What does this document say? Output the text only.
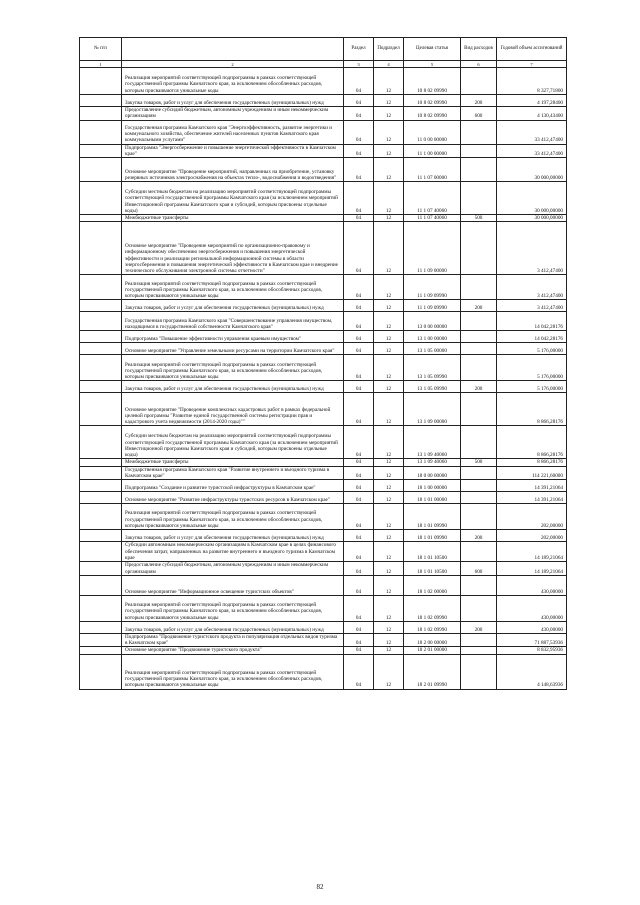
№ п/п		Раздел	Подраздел	Целевая статья	Вид расходов	Годовой объем ассигнований
1	2	3	4	5	6	7
	Реализация мероприятий соответствующей подпрограммы в рамках соответствующей государственной программы Камчатского края, за исключением обособленных расходов, которым присваиваются уникальные коды	04	12	10 8 02 09990		8 327,71800
	Закупка товаров, работ и услуг для обеспечения государственных (муниципальных) нужд	04	12	10 8 02 09990	200	4 197,28400
	Предоставление субсидий бюджетным, автономным учреждениям и иным некоммерческим организациям	04	12	10 8 02 09990	600	4 130,43400
	Государственная программа Камчатского края "Энергоэффективность, развитие энергетики и коммунального хозяйства, обеспечение жителей населенных пунктов Камчатского края коммунальными услугами"	04	12	11 0 00 00000		33 412,47400
	Подпрограмма "Энергосбережение и повышение энергетической эффективности в Камчатском крае"	04	12	11 1 00 00000		33 412,47400
	Основное мероприятие "Проведение мероприятий, направленных на приобретение, установку резервных источников электроснабжения на объектах тепло-, водоснабжения и водоотведения"	04	12	11 1 07 00000		30 000,00000
	Субсидии местным бюджетам на реализацию мероприятий соответствующей подпрограммы соответствующей государственной программы Камчатского края (за исключением мероприятий Инвестиционной программы Камчатского края и субсидий, которым присвоены отдельные коды)	04	12	11 1 07 40060		30 000,00000
	Межбюджетные трансферты	04	12	11 1 07 40060	500	30 000,00000
	Основное мероприятие "Проведение мероприятий по организационно-правовому и информационному обеспечению энергосбережения и повышения энергетической эффективности и реализации региональной информационной системы в области энергосбережения и повышения энергетической эффективности в Камчатском крае и внедрение технического обслуживания электронной системы отчетности"	04	12	11 1 09 00000		3 412,47400
	Реализация мероприятий соответствующей подпрограммы в рамках соответствующей государственной программы Камчатского края, за исключением обособленных расходов, которым присваиваются уникальные коды	04	12	11 1 09 09990		3 412,47400
	Закупка товаров, работ и услуг для обеспечения государственных (муниципальных) нужд	04	12	11 1 09 09990	200	3 412,47400
	Государственная программа Камчатского края "Совершенствование управления имуществом, находящимся в государственной собственности Камчатского края"	04	12	13 0 00 00000		14 042,28176
	Подпрограмма "Повышение эффективности управления краевым имуществом"	04	12	13 1 00 00000		14 042,28176
	Основное мероприятие "Управление земельными ресурсами на территории Камчатского края"	04	12	13 1 05 00000		5 176,00000
	Реализация мероприятий соответствующей подпрограммы в рамках соответствующей государственной программы Камчатского края, за исключением обособленных расходов, которым присваиваются уникальные коды	04	12	13 1 05 09990		5 176,00000
	Закупка товаров, работ и услуг для обеспечения государственных (муниципальных) нужд	04	12	13 1 05 09990	200	5 176,00000
	Основное мероприятие "Проведение комплексных кадастровых работ в рамках федеральной целевой программы "Развитие единой государственной системы регистрации прав и кадастрового учета недвижимости (2014-2020 годы)""	04	12	13 1 09 00000		8 866,28176
	Субсидии местным бюджетам на реализацию мероприятий соответствующей подпрограммы соответствующей государственной программы Камчатского края (за исключением мероприятий Инвестиционной программы Камчатского края и субсидий, которым присвоены отдельные коды)	04	12	13 1 09 40060		8 866,28176
	Межбюджетные трансферты	04	12	13 1 09 40060	500	8 866,28176
	Государственная программа Камчатского края "Развитие внутреннего и въездного туризма в Камчатском крае"	04	12	18 0 00 00000		114 221,60000
	Подпрограмма "Создание и развитие туристской инфраструктуры в Камчатском крае"	04	12	18 1 00 00000		14 391,21064
	Основное мероприятие "Развитие инфраструктуры туристских ресурсов в Камчатском крае"	04	12	18 1 01 00000		14 391,21064
	Реализация мероприятий соответствующей подпрограммы в рамках соответствующей государственной программы Камчатского края, за исключением обособленных расходов, которым присваиваются уникальные коды	04	12	18 1 01 09990		202,00000
	Закупка товаров, работ и услуг для обеспечения государственных (муниципальных) нужд	04	12	18 1 01 09990	200	202,00000
	Субсидии автономным некоммерческим организациям в Камчатском крае в целях финансового обеспечения затрат, направленных на развитие внутреннего и въездного туризма в Камчатском крае	04	12	18 1 01 10500		14 189,21064
	Предоставление субсидий бюджетным, автономным учреждениям и иным некоммерческим организациям	04	12	18 1 01 10500	600	14 189,21064
	Основное мероприятие "Информационное освещение туристских объектов"	04	12	18 1 02 00000		430,00000
	Реализация мероприятий соответствующей подпрограммы в рамках соответствующей государственной программы Камчатского края, за исключением обособленных расходов, которым присваиваются уникальные коды	04	12	18 1 02 09990		430,00000
	Закупка товаров, работ и услуг для обеспечения государственных (муниципальных) нужд	04	12	18 1 02 09990	200	430,00000
	Подпрограмма "Продвижение туристского продукта и популяризация отдельных видов туризма в Камчатском крае"	04	12	18 2 00 00000		71 887,53936
	Основное мероприятие "Продвижение туристского продукта"	04	12	18 2 01 00000		8 832,95936
	Реализация мероприятий соответствующей подпрограммы в рамках соответствующей государственной программы Камчатского края, за исключением обособленных расходов, которым присваиваются уникальные коды	04	12	18 2 01 09990		4 148,63936
82
